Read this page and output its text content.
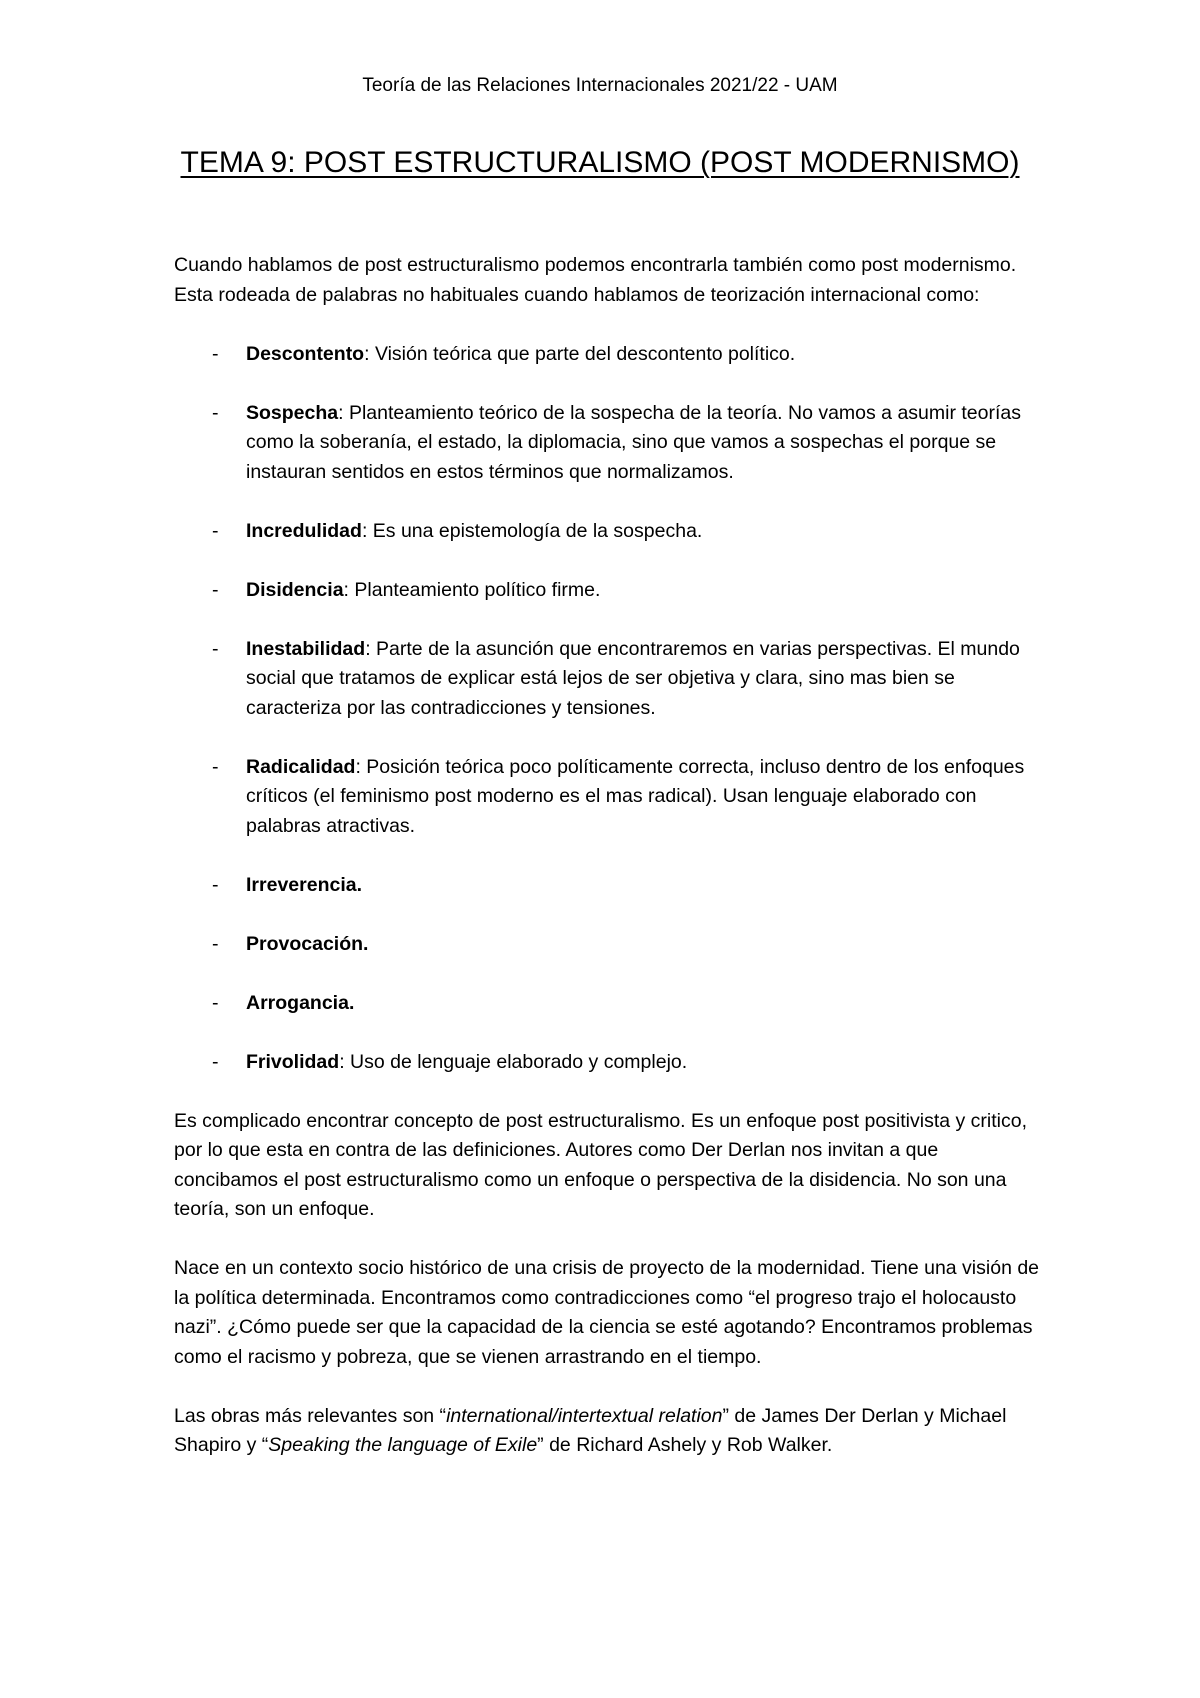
Teoría de las Relaciones Internacionales 2021/22 - UAM
TEMA 9: POST ESTRUCTURALISMO (POST MODERNISMO)

Cuando hablamos de post estructuralismo podemos encontrarla también como post modernismo. Esta rodeada de palabras no habituales cuando hablamos de teorización internacional como:

- Descontento: Visión teórica que parte del descontento político.
- Sospecha: Planteamiento teórico de la sospecha de la teoría. No vamos a asumir teorías como la soberanía, el estado, la diplomacia, sino que vamos a sospechas el porque se instauran sentidos en estos términos que normalizamos.
- Incredulidad: Es una epistemología de la sospecha.
- Disidencia: Planteamiento político firme.
- Inestabilidad: Parte de la asunción que encontraremos en varias perspectivas. El mundo social que tratamos de explicar está lejos de ser objetiva y clara, sino mas bien se caracteriza por las contradicciones y tensiones.
- Radicalidad: Posición teórica poco políticamente correcta, incluso dentro de los enfoques críticos (el feminismo post moderno es el mas radical). Usan lenguaje elaborado con palabras atractivas.
- Irreverencia.
- Provocación.
- Arrogancia.
- Frivolidad: Uso de lenguaje elaborado y complejo.

Es complicado encontrar concepto de post estructuralismo. Es un enfoque post positivista y critico, por lo que esta en contra de las definiciones. Autores como Der Derlan nos invitan a que concibamos el post estructuralismo como un enfoque o perspectiva de la disidencia. No son una teoría, son un enfoque.

Nace en un contexto socio histórico de una crisis de proyecto de la modernidad. Tiene una visión de la política determinada. Encontramos como contradicciones como “el progreso trajo el holocausto nazi”. ¿Cómo puede ser que la capacidad de la ciencia se esté agotando? Encontramos problemas como el racismo y pobreza, que se vienen arrastrando en el tiempo.

Las obras más relevantes son “international/intertextual relation” de James Der Derlan y Michael Shapiro y “Speaking the language of Exile” de Richard Ashely y Rob Walker.
